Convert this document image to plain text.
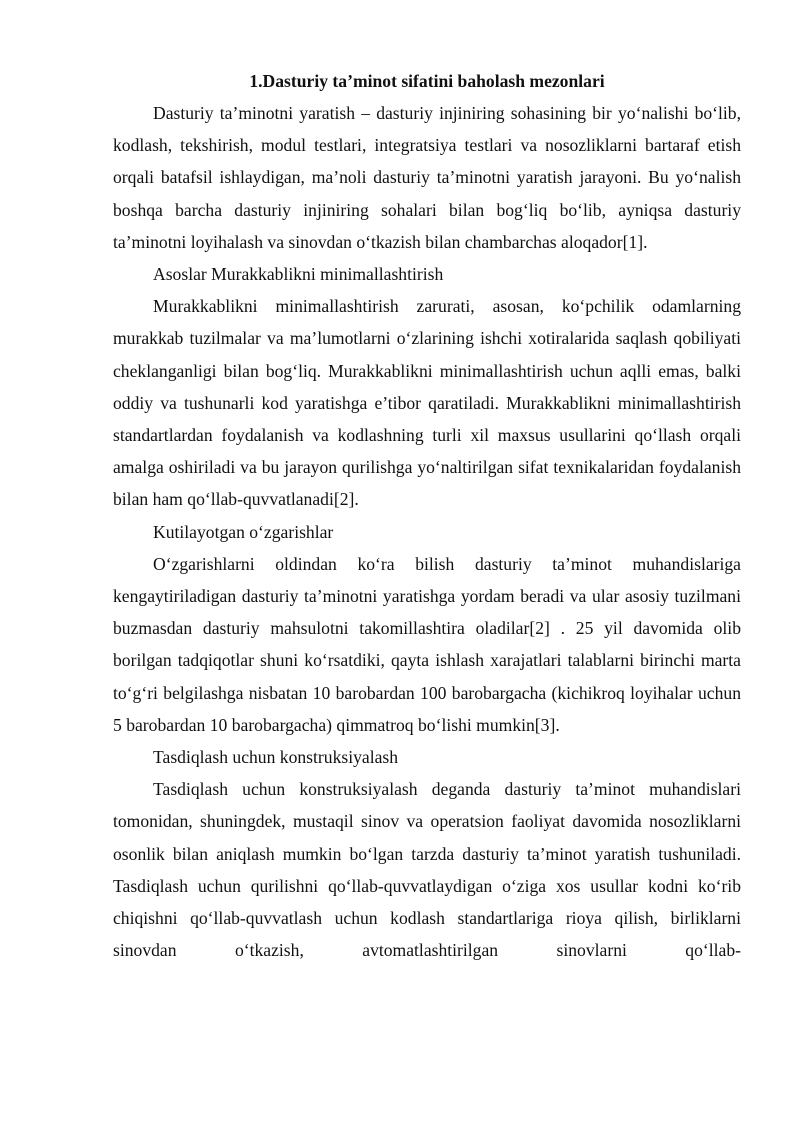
1.Dasturiy ta’minot sifatini baholash mezonlari

Dasturiy ta’minotni yaratish – dasturiy injiniring sohasining bir yo‘nalishi bo‘lib, kodlash, tekshirish, modul testlari, integratsiya testlari va nosozliklarni bartaraf etish orqali batafsil ishlaydigan, ma’noli dasturiy ta’minotni yaratish jarayoni. Bu yo‘nalish boshqa barcha dasturiy injiniring sohalari bilan bog‘liq bo‘lib, ayniqsa dasturiy ta’minotni loyihalash va sinovdan o‘tkazish bilan chambarchas aloqador[1].

Asoslar Murakkablikni minimallashtirish

Murakkablikni minimallashtirish zarurati, asosan, ko‘pchilik odamlarning murakkab tuzilmalar va ma’lumotlarni o‘zlarining ishchi xotiralarida saqlash qobiliyati cheklanganligi bilan bog‘liq. Murakkablikni minimallashtirish uchun aqlli emas, balki oddiy va tushunarli kod yaratishga e’tibor qaratiladi. Murakkablikni minimallashtirish standartlardan foydalanish va kodlashning turli xil maxsus usullarini qo‘llash orqali amalga oshiriladi va bu jarayon qurilishga yo‘naltirilgan sifat texnikalaridan foydalanish bilan ham qo‘llab-quvvatlanadi[2].

Kutilayotgan o‘zgarishlar

O‘zgarishlarni oldindan ko‘ra bilish dasturiy ta’minot muhandislariga kengaytiriladigan dasturiy ta’minotni yaratishga yordam beradi va ular asosiy tuzilmani buzmasdan dasturiy mahsulotni takomillashtira oladilar[2] . 25 yil davomida olib borilgan tadqiqotlar shuni ko‘rsatdiki, qayta ishlash xarajatlari talablarni birinchi marta to‘g‘ri belgilashga nisbatan 10 barobardan 100 barobargacha (kichikroq loyihalar uchun 5 barobardan 10 barobargacha) qimmatroq bo‘lishi mumkin[3].

Tasdiqlash uchun konstruksiyalash

Tasdiqlash uchun konstruksiyalash deganda dasturiy ta’minot muhandislari tomonidan, shuningdek, mustaqil sinov va operatsion faoliyat davomida nosozliklarni osonlik bilan aniqlash mumkin bo‘lgan tarzda dasturiy ta’minot yaratish tushuniladi. Tasdiqlash uchun qurilishni qo‘llab-quvvatlaydigan o‘ziga xos usullar kodni ko‘rib chiqishni qo‘llab-quvvatlash uchun kodlash standartlariga rioya qilish, birliklarni sinovdan o‘tkazish, avtomatlashtirilgan sinovlarni qo‘llab-
